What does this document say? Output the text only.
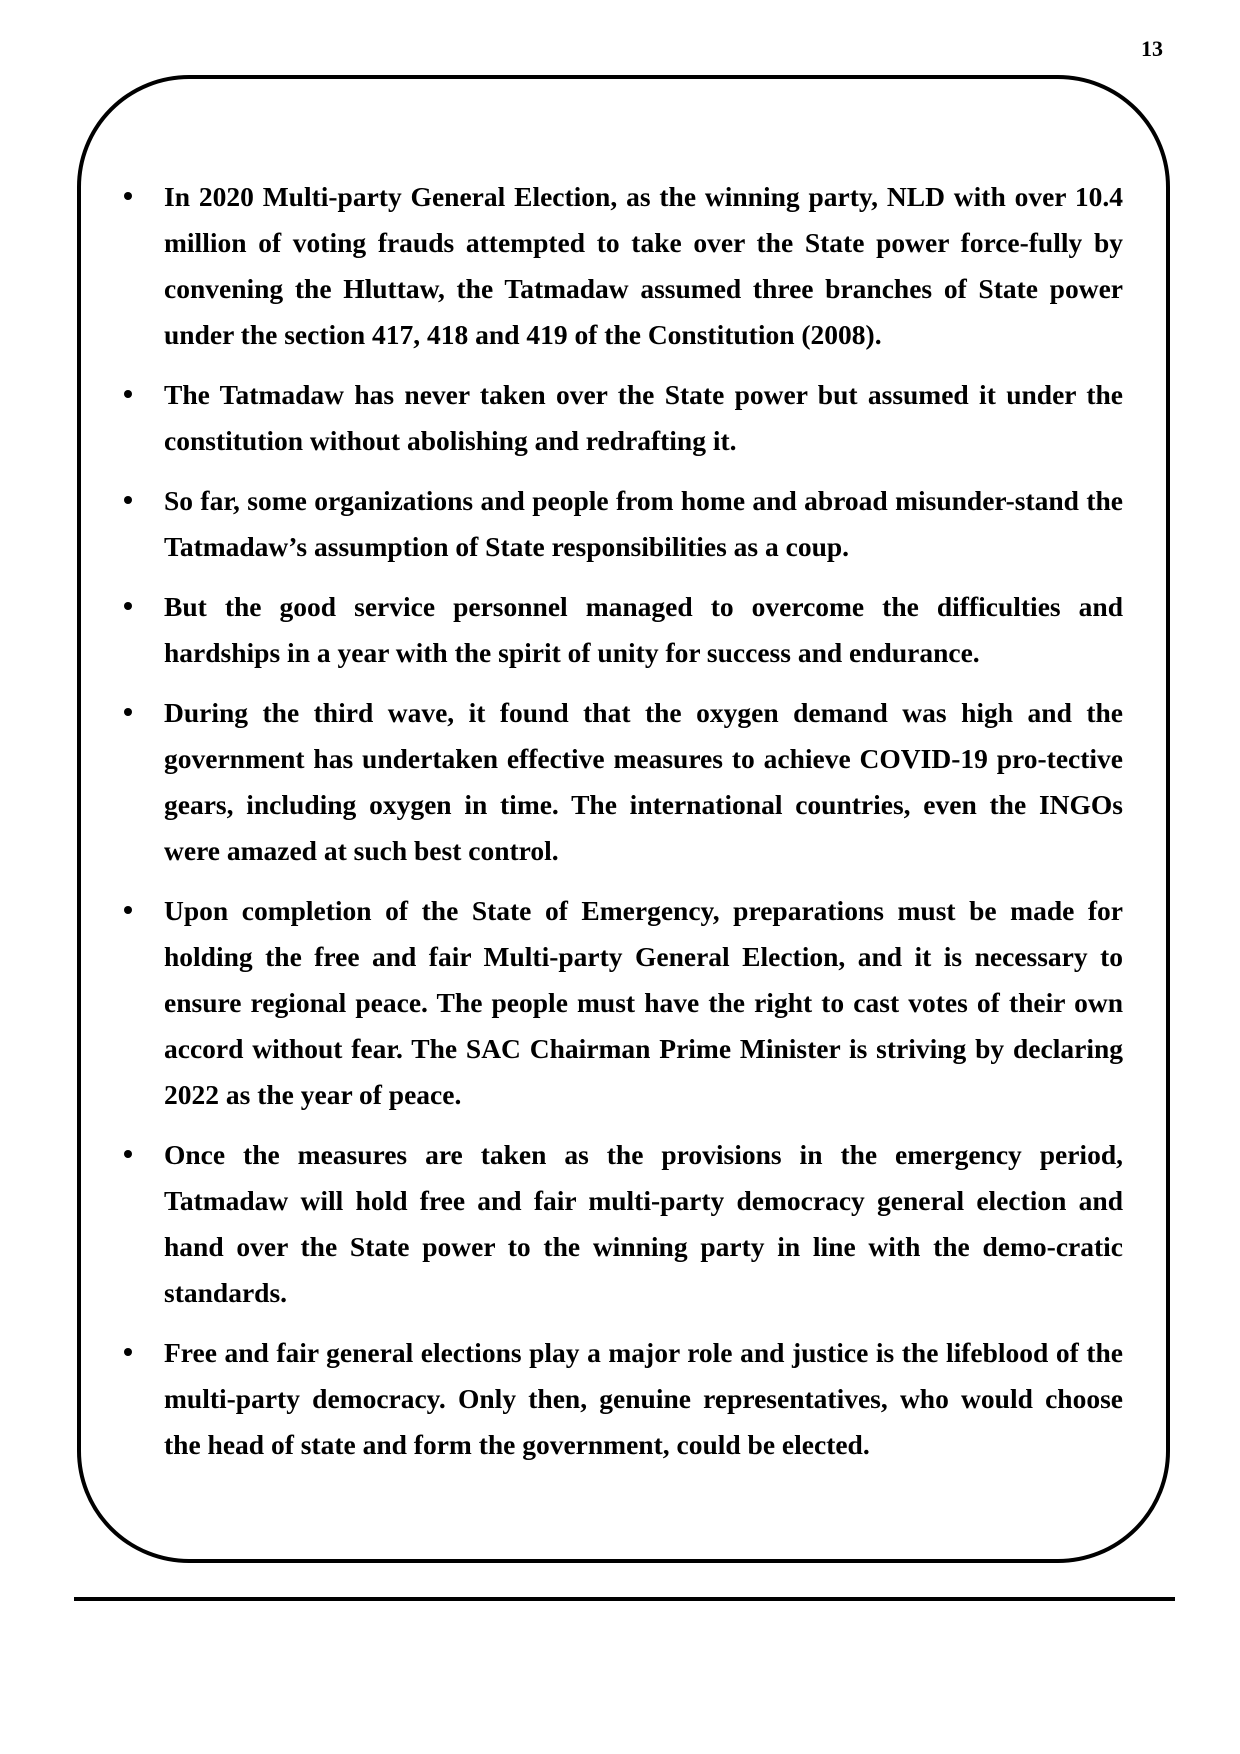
13

In 2020 Multi-party General Election, as the winning party, NLD with over 10.4 million of voting frauds attempted to take over the State power force-fully by convening the Hluttaw, the Tatmadaw assumed three branches of State power under the section 417, 418 and 419 of the Constitution (2008).
The Tatmadaw has never taken over the State power but assumed it under the constitution without abolishing and redrafting it.
So far, some organizations and people from home and abroad misunder-stand the Tatmadaw’s assumption of State responsibilities as a coup.
But the good service personnel managed to overcome the difficulties and hardships in a year with the spirit of unity for success and endurance.
During the third wave, it found that the oxygen demand was high and the government has undertaken effective measures to achieve COVID-19 pro-tective gears, including oxygen in time. The international countries, even the INGOs were amazed at such best control.
Upon completion of the State of Emergency, preparations must be made for holding the free and fair Multi-party General Election, and it is necessary to ensure regional peace. The people must have the right to cast votes of their own accord without fear. The SAC Chairman Prime Minister is striving by declaring 2022 as the year of peace.
Once the measures are taken as the provisions in the emergency period, Tatmadaw will hold free and fair multi-party democracy general election and hand over the State power to the winning party in line with the demo-cratic standards.
Free and fair general elections play a major role and justice is the lifeblood of the multi-party democracy. Only then, genuine representatives, who would choose the head of state and form the government, could be elected.
